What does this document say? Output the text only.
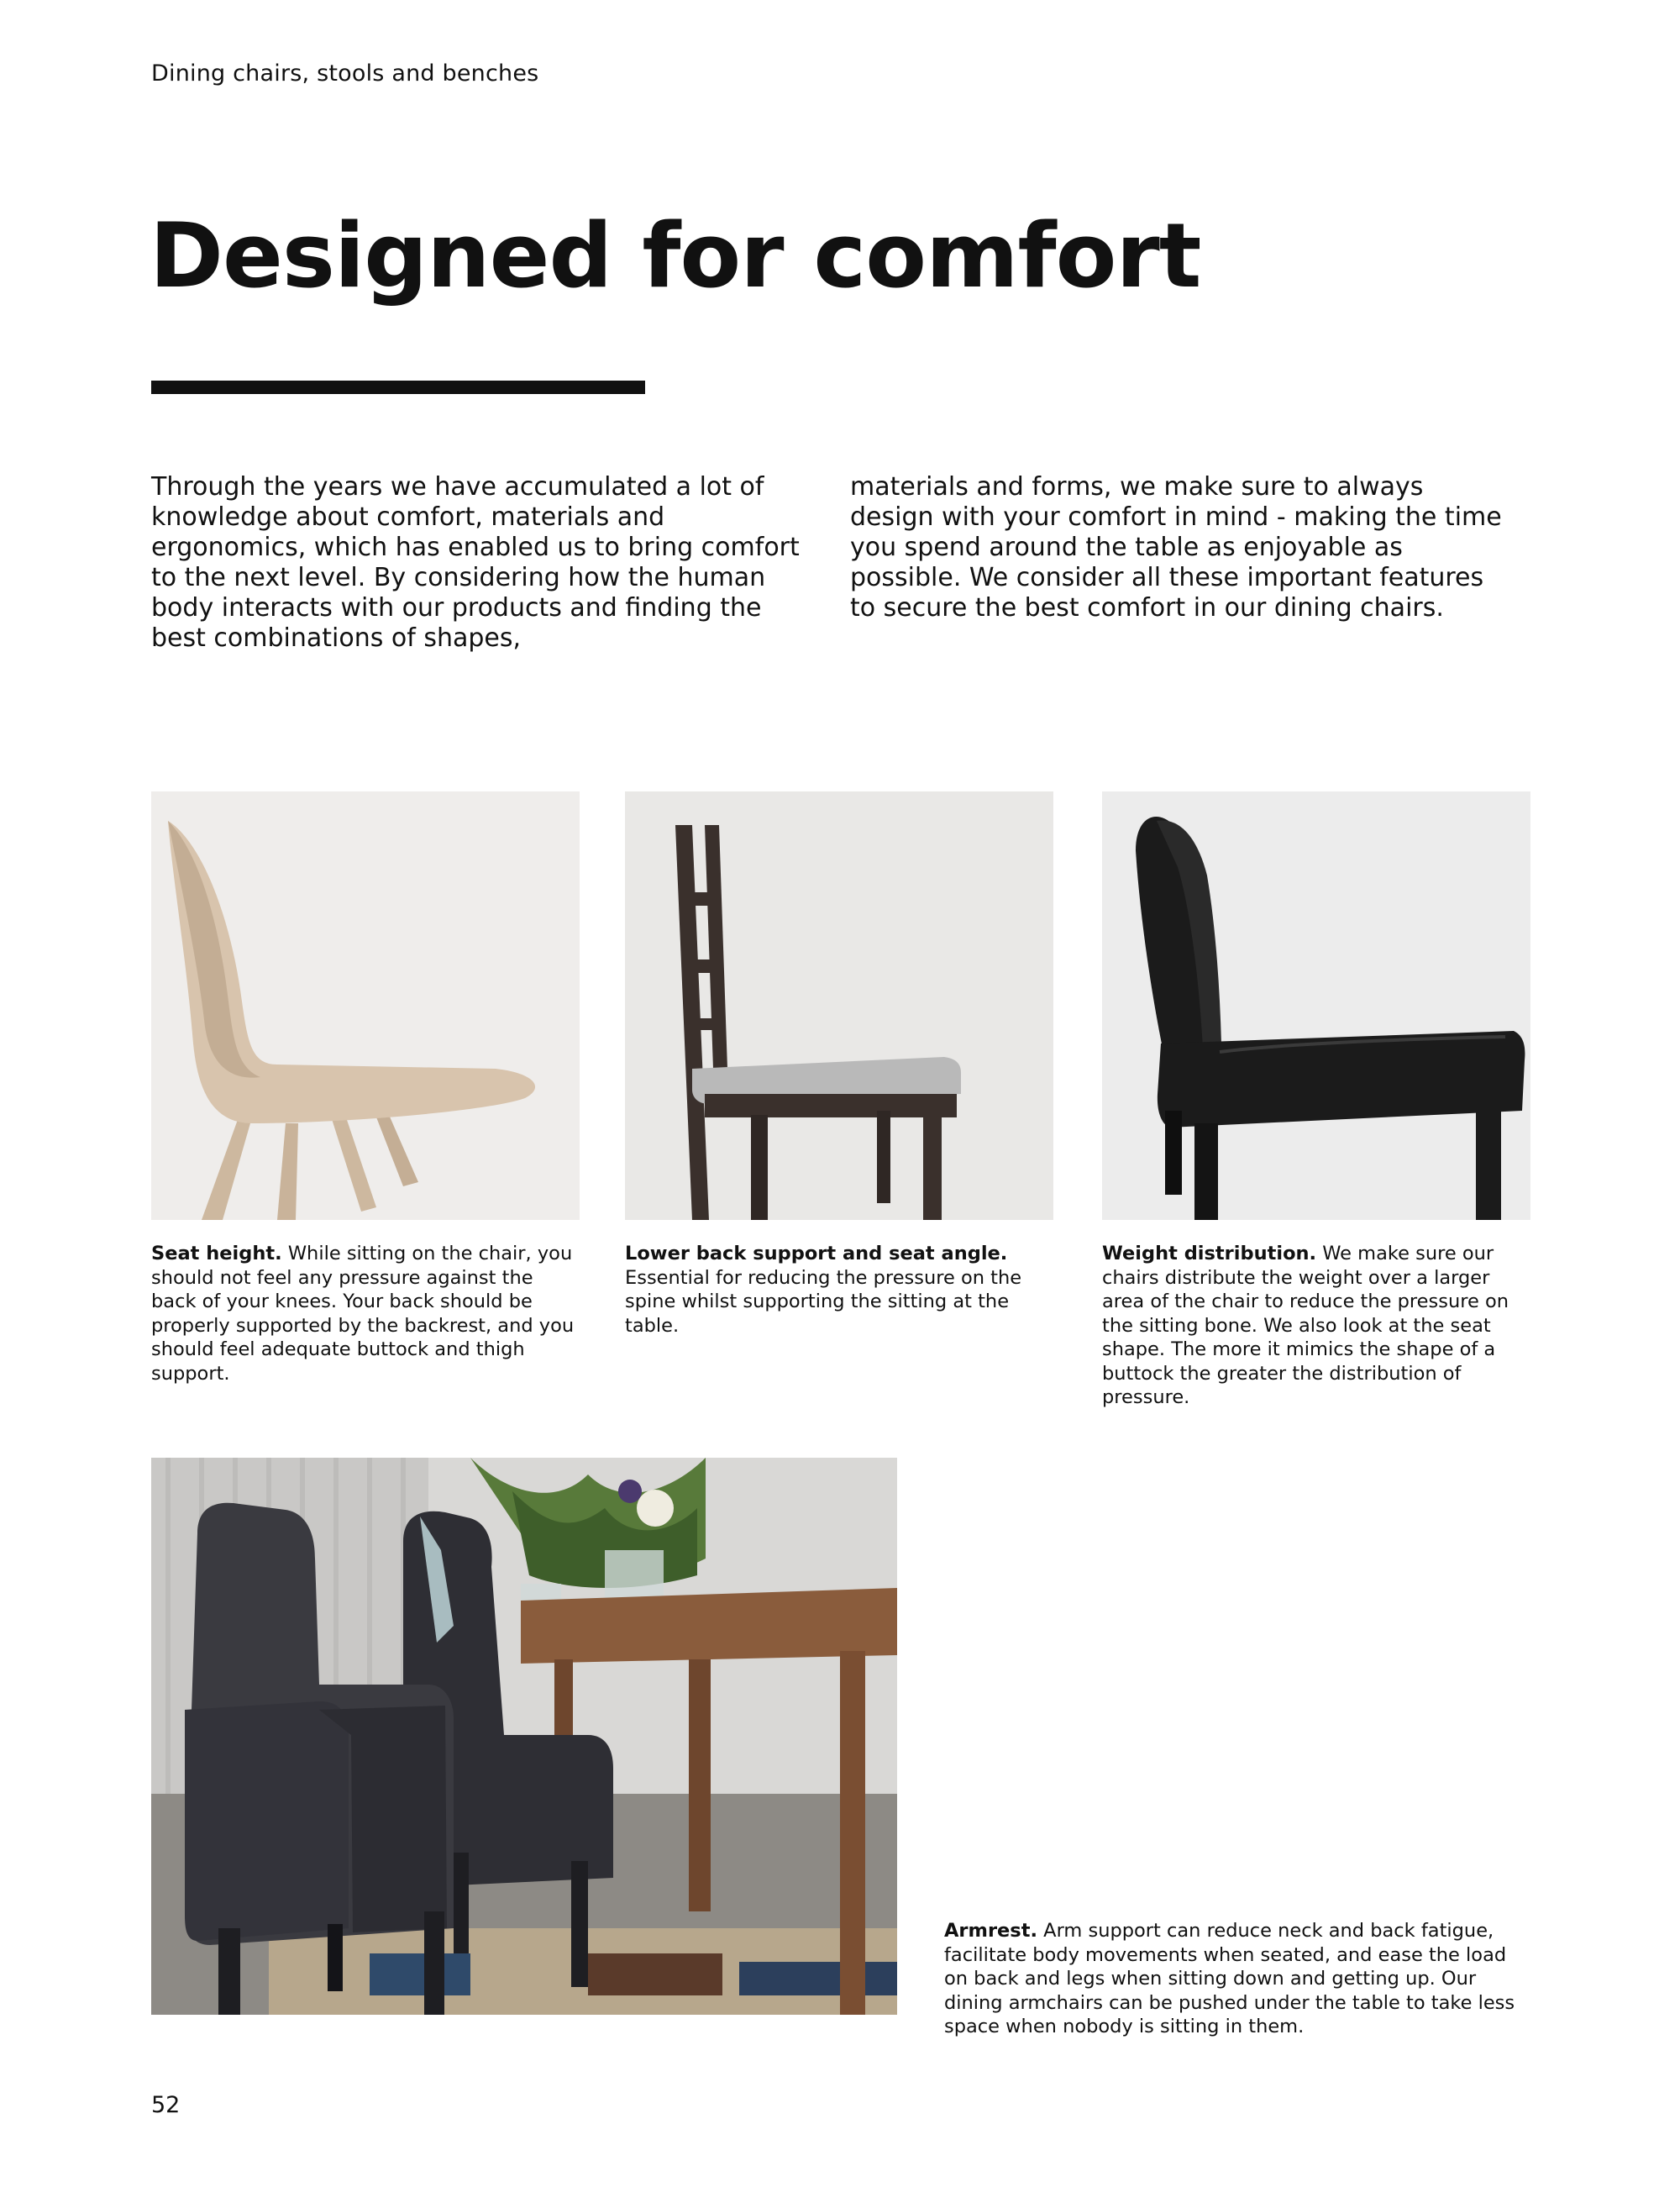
Dining chairs, stools and benches
Designed for comfort

Through the years we have accumulated a lot of knowledge about comfort, materials and ergonomics, which has enabled us to bring comfort to the next level. By considering how the human body interacts with our products and finding the best combinations of shapes,

materials and forms, we make sure to always design with your comfort in mind - making the time you spend around the table as enjoyable as possible. We consider all these important features to secure the best comfort in our dining chairs.

Seat height. While sitting on the chair, you should not feel any pressure against the back of your knees. Your back should be properly supported by the backrest, and you should feel adequate buttock and thigh support.

Lower back support and seat angle.
Essential for reducing the pressure on the spine whilst supporting the sitting at the table.

Weight distribution. We make sure our chairs distribute the weight over a larger area of the chair to reduce the pressure on the sitting bone. We also look at the seat shape. The more it mimics the shape of a buttock the greater the distribution of pressure.

Armrest. Arm support can reduce neck and back fatigue, facilitate body movements when seated, and ease the load on back and legs when sitting down and getting up. Our dining armchairs can be pushed under the table to take less space when nobody is sitting in them.

52
